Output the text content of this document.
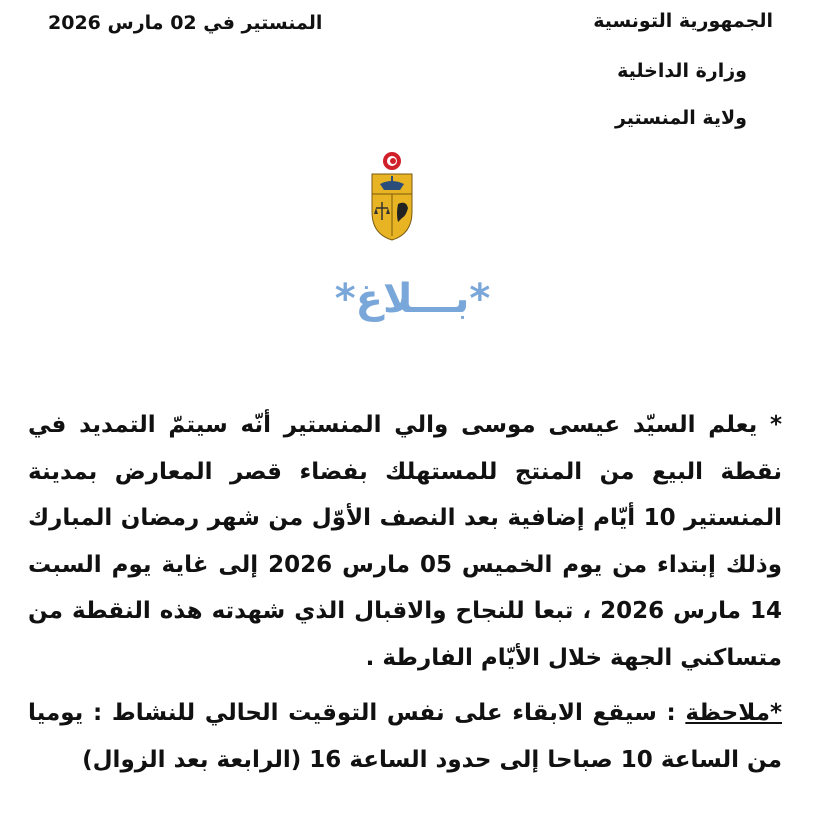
الجمهورية التونسية
وزارة الداخلية
ولاية المنستير
المنستير في 02 مارس 2026
*بـــلاغ*

* يعلم السيّد عيسى موسى والي المنستير أنّه سيتمّ التمديد في نقطة البيع من المنتج للمستهلك بفضاء قصر المعارض بمدينة المنستير 10 أيّام إضافية بعد النصف الأوّل من شهر رمضان المبارك وذلك إبتداء من يوم الخميس 05 مارس 2026 إلى غاية يوم السبت 14 مارس 2026 ، تبعا للنجاح والاقبال الذي شهدته هذه النقطة من متساكني الجهة خلال الأيّام الفارطة .

*ملاحظة : سيقع الابقاء على نفس التوقيت الحالي للنشاط : يوميا من الساعة 10 صباحا إلى حدود الساعة 16 (الرابعة بعد الزوال)
